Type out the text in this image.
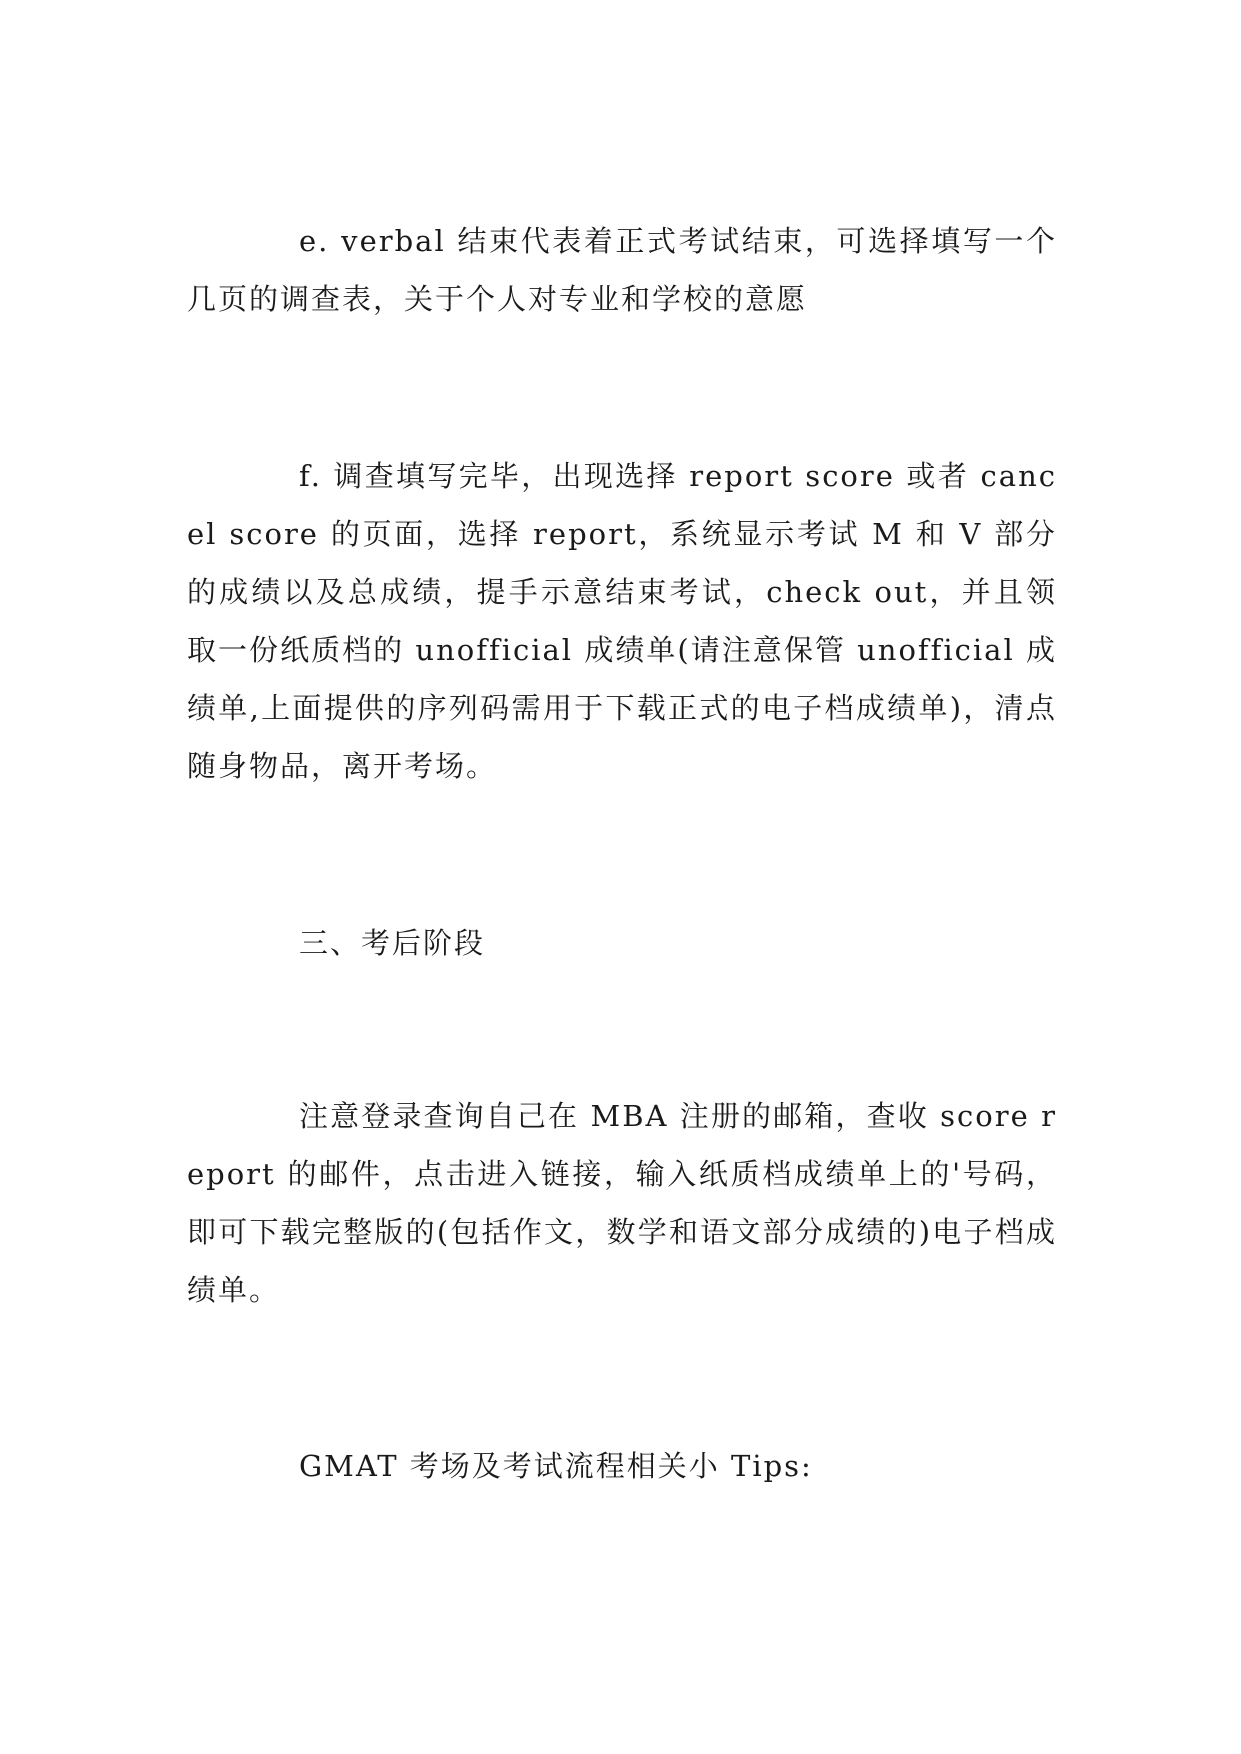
e. verbal 结束代表着正式考试结束，可选择填写一个几页的调查表，关于个人对专业和学校的意愿

f. 调查填写完毕，出现选择 report score 或者 cancel score 的页面，选择 report，系统显示考试 M 和 V 部分的成绩以及总成绩，提手示意结束考试，check out，并且领取一份纸质档的 unofficial 成绩单(请注意保管 unofficial 成绩单,上面提供的序列码需用于下载正式的电子档成绩单)，清点随身物品，离开考场。

三、考后阶段

注意登录查询自己在 MBA 注册的邮箱，查收 score report 的邮件，点击进入链接，输入纸质档成绩单上的'号码，即可下载完整版的(包括作文，数学和语文部分成绩的)电子档成绩单。

GMAT 考场及考试流程相关小 Tips:
